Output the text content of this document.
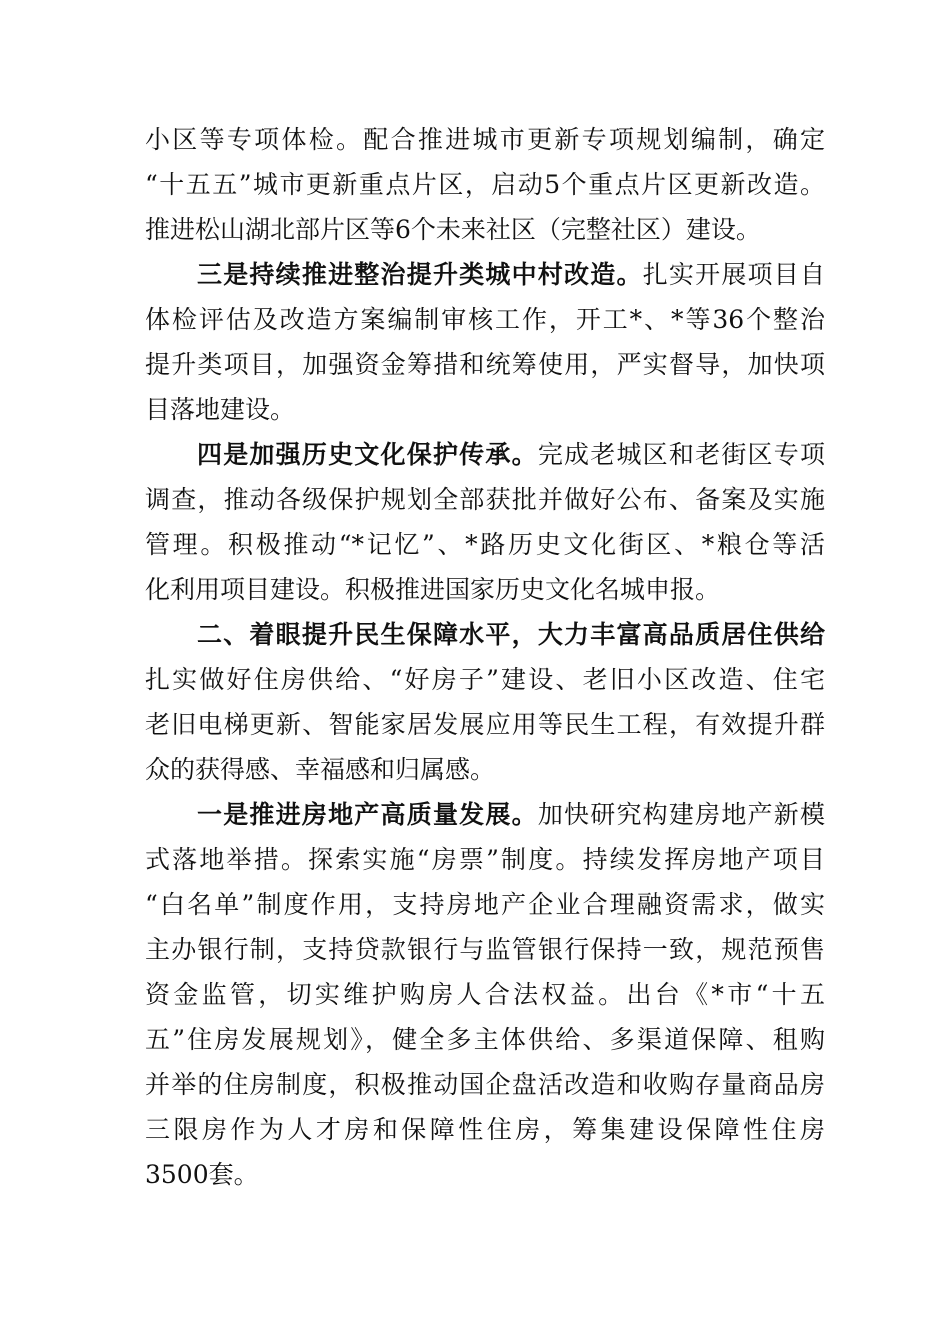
小区等专项体检。配合推进城市更新专项规划编制，确定
“十五五”城市更新重点片区，启动5个重点片区更新改造。
推进松山湖北部片区等6个未来社区（完整社区）建设。
三是持续推进整治提升类城中村改造。扎实开展项目自
体检评估及改造方案编制审核工作，开工*、*等36个整治
提升类项目，加强资金筹措和统筹使用，严实督导，加快项
目落地建设。
四是加强历史文化保护传承。完成老城区和老街区专项
调查，推动各级保护规划全部获批并做好公布、备案及实施
管理。积极推动“*记忆”、*路历史文化街区、*粮仓等活
化利用项目建设。积极推进国家历史文化名城申报。
二、着眼提升民生保障水平，大力丰富高品质居住供给
扎实做好住房供给、“好房子”建设、老旧小区改造、住宅
老旧电梯更新、智能家居发展应用等民生工程，有效提升群
众的获得感、幸福感和归属感。
一是推进房地产高质量发展。加快研究构建房地产新模
式落地举措。探索实施“房票”制度。持续发挥房地产项目
“白名单”制度作用，支持房地产企业合理融资需求，做实
主办银行制，支持贷款银行与监管银行保持一致，规范预售
资金监管，切实维护购房人合法权益。出台《*市“十五
五”住房发展规划》，健全多主体供给、多渠道保障、租购
并举的住房制度，积极推动国企盘活改造和收购存量商品房
三限房作为人才房和保障性住房，筹集建设保障性住房
3500套。
